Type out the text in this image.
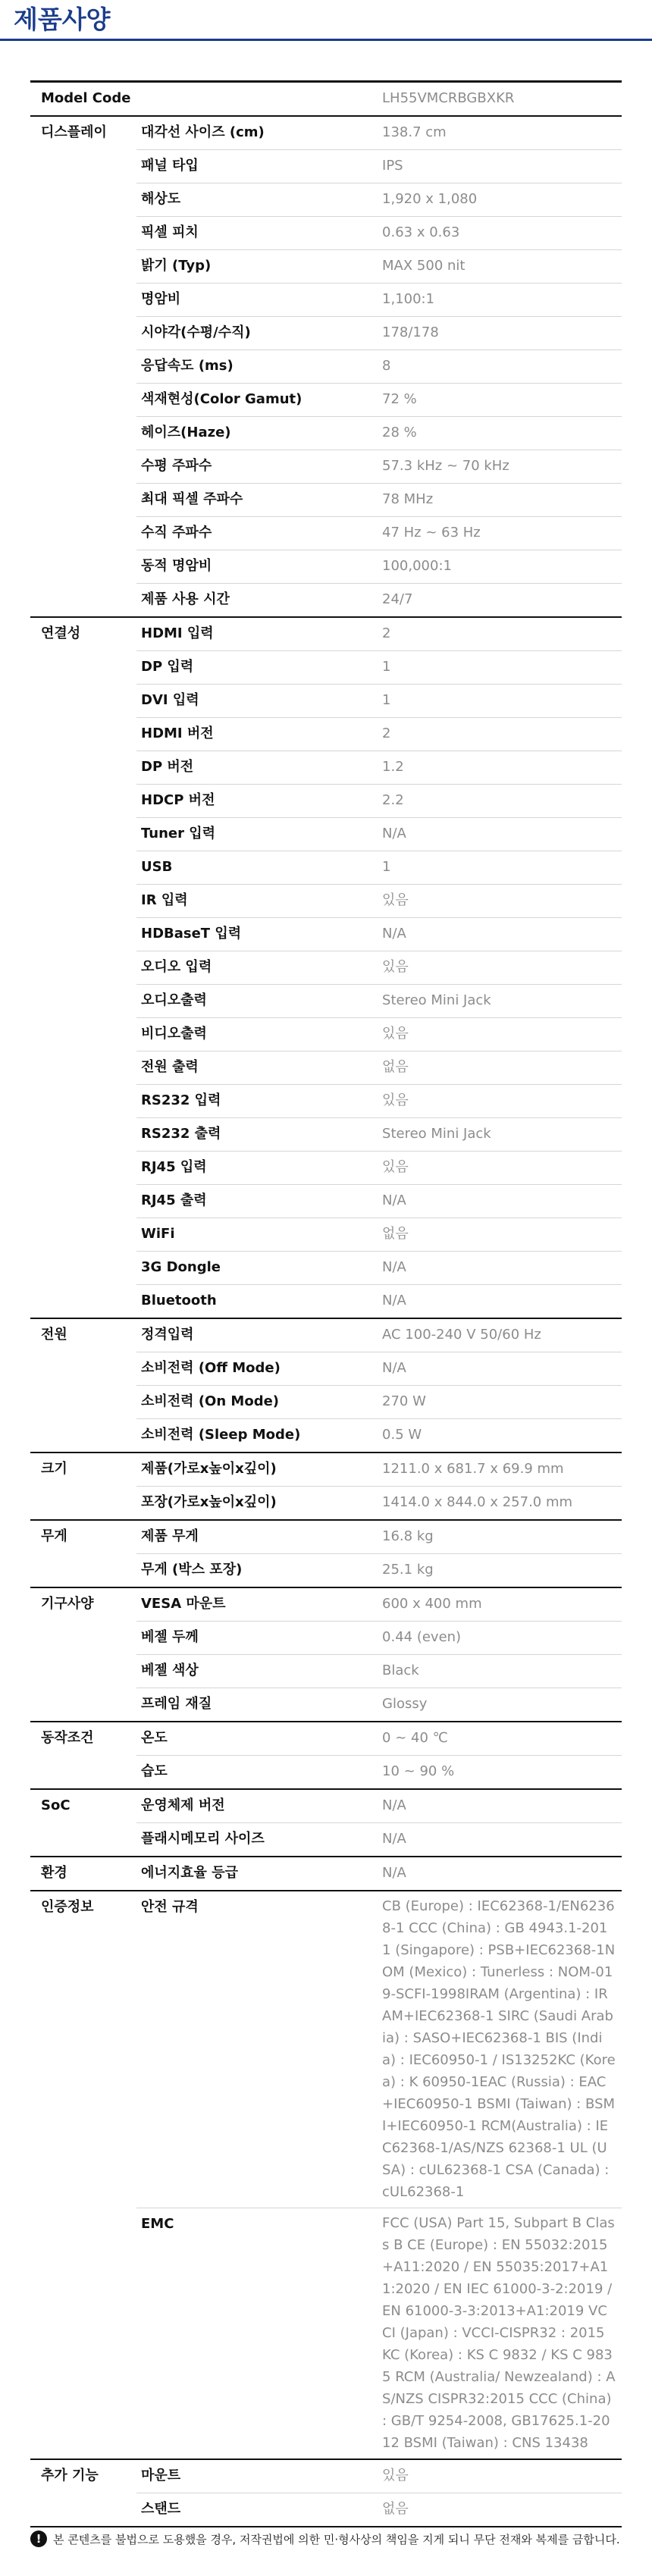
제품사양
Model Code		LH55VMCRBGBXKR
디스플레이	대각선 사이즈 (cm)	138.7 cm
	패널 타입	IPS
	해상도	1,920 x 1,080
	픽셀 피치	0.63 x 0.63
	밝기 (Typ)	MAX 500 nit
	명암비	1,100:1
	시야각(수평/수직)	178/178
	응답속도 (ms)	8
	색재현성(Color Gamut)	72 %
	헤이즈(Haze)	28 %
	수평 주파수	57.3 kHz ~ 70 kHz
	최대 픽셀 주파수	78 MHz
	수직 주파수	47 Hz ~ 63 Hz
	동적 명암비	100,000:1
	제품 사용 시간	24/7
연결성	HDMI 입력	2
	DP 입력	1
	DVI 입력	1
	HDMI 버전	2
	DP 버전	1.2
	HDCP 버전	2.2
	Tuner 입력	N/A
	USB	1
	IR 입력	있음
	HDBaseT 입력	N/A
	오디오 입력	있음
	오디오출력	Stereo Mini Jack
	비디오출력	있음
	전원 출력	없음
	RS232 입력	있음
	RS232 출력	Stereo Mini Jack
	RJ45 입력	있음
	RJ45 출력	N/A
	WiFi	없음
	3G Dongle	N/A
	Bluetooth	N/A
전원	정격입력	AC 100-240 V 50/60 Hz
	소비전력 (Off Mode)	N/A
	소비전력 (On Mode)	270 W
	소비전력 (Sleep Mode)	0.5 W
크기	제품(가로x높이x깊이)	1211.0 x 681.7 x 69.9 mm
	포장(가로x높이x깊이)	1414.0 x 844.0 x 257.0 mm
무게	제품 무게	16.8 kg
	무게 (박스 포장)	25.1 kg
기구사양	VESA 마운트	600 x 400 mm
	베젤 두께	0.44 (even)
	베젤 색상	Black
	프레임 재질	Glossy
동작조건	온도	0 ~ 40 ℃
	습도	10 ~ 90 %
SoC	운영체제 버전	N/A
	플래시메모리 사이즈	N/A
환경	에너지효율 등급	N/A
인증정보	안전 규격	CB (Europe) : IEC62368-1/EN62368-1 CCC (China) : GB 4943.1-2011 (Singapore) : PSB+IEC62368-1NOM (Mexico) : Tunerless : NOM-019-SCFI-1998IRAM (Argentina) : IRAM+IEC62368-1 SIRC (Saudi Arabia) : SASO+IEC62368-1 BIS (India) : IEC60950-1 / IS13252KC (Korea) : K 60950-1EAC (Russia) : EAC+IEC60950-1 BSMI (Taiwan) : BSMI+IEC60950-1 RCM(Australia) : IEC62368-1/AS/NZS 62368-1 UL (USA) : cUL62368-1 CSA (Canada) : cUL62368-1
	EMC	FCC (USA) Part 15, Subpart B Class B CE (Europe) : EN 55032:2015+A11:2020 / EN 55035:2017+A11:2020 / EN IEC 61000-3-2:2019 / EN 61000-3-3:2013+A1:2019 VCCI (Japan) : VCCI-CISPR32 : 2015 KC (Korea) : KS C 9832 / KS C 9835 RCM (Australia/ Newzealand) : AS/NZS CISPR32:2015 CCC (China) : GB/T 9254-2008, GB17625.1-2012 BSMI (Taiwan) : CNS 13438
추가 기능	마운트	있음
	스탠드	없음
!	본 콘텐츠를 불법으로 도용했을 경우, 저작권법에 의한 민·형사상의 책임을 지게 되니 무단 전재와 복제를 금합니다.
